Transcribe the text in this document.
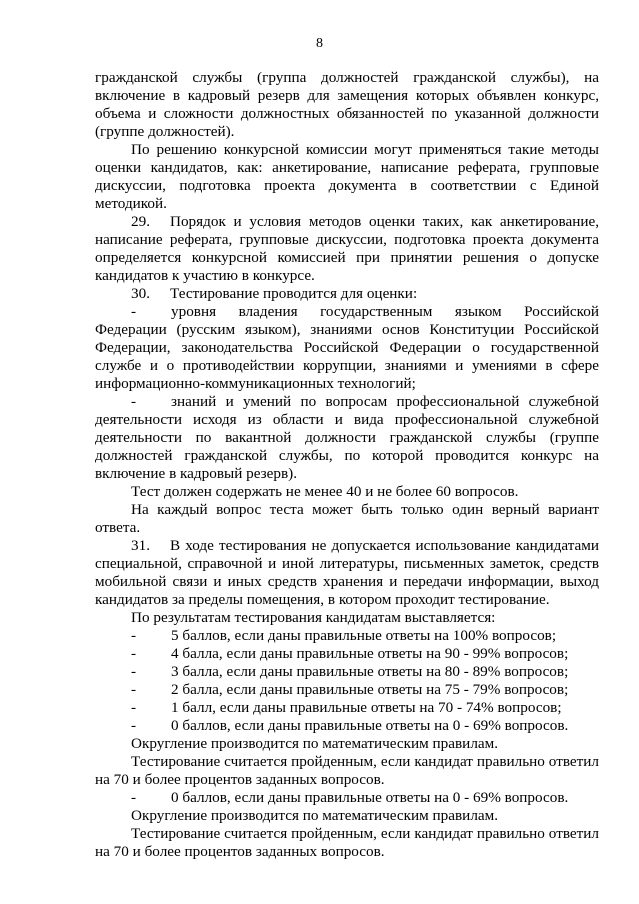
8

гражданской службы (группа должностей гражданской службы), на включение в кадровый резерв для замещения которых объявлен конкурс, объема и сложности должностных обязанностей по указанной должности (группе должностей).

По решению конкурсной комиссии могут применяться такие методы оценки кандидатов, как: анкетирование, написание реферата, групповые дискуссии, подготовка проекта документа в соответствии с Единой методикой.

29. Порядок и условия методов оценки таких, как анкетирование, написание реферата, групповые дискуссии, подготовка проекта документа определяется конкурсной комиссией при принятии решения о допуске кандидатов к участию в конкурсе.

30. Тестирование проводится для оценки:

- уровня владения государственным языком Российской Федерации (русским языком), знаниями основ Конституции Российской Федерации, законодательства Российской Федерации о государственной службе и о противодействии коррупции, знаниями и умениями в сфере информационно-коммуникационных технологий;

- знаний и умений по вопросам профессиональной служебной деятельности исходя из области и вида профессиональной служебной деятельности по вакантной должности гражданской службы (группе должностей гражданской службы, по которой проводится конкурс на включение в кадровый резерв).

Тест должен содержать не менее 40 и не более 60 вопросов.

На каждый вопрос теста может быть только один верный вариант ответа.

31. В ходе тестирования не допускается использование кандидатами специальной, справочной и иной литературы, письменных заметок, средств мобильной связи и иных средств хранения и передачи информации, выход кандидатов за пределы помещения, в котором проходит тестирование.

По результатам тестирования кандидатам выставляется:

- 5 баллов, если даны правильные ответы на 100% вопросов;

- 4 балла, если даны правильные ответы на 90 - 99% вопросов;

- 3 балла, если даны правильные ответы на 80 - 89% вопросов;

- 2 балла, если даны правильные ответы на 75 - 79% вопросов;

- 1 балл, если даны правильные ответы на 70 - 74% вопросов;

- 0 баллов, если даны правильные ответы на 0 - 69% вопросов.

Округление производится по математическим правилам.

Тестирование считается пройденным, если кандидат правильно ответил на 70 и более процентов заданных вопросов.

- 0 баллов, если даны правильные ответы на 0 - 69% вопросов.

Округление производится по математическим правилам.

Тестирование считается пройденным, если кандидат правильно ответил на 70 и более процентов заданных вопросов.
